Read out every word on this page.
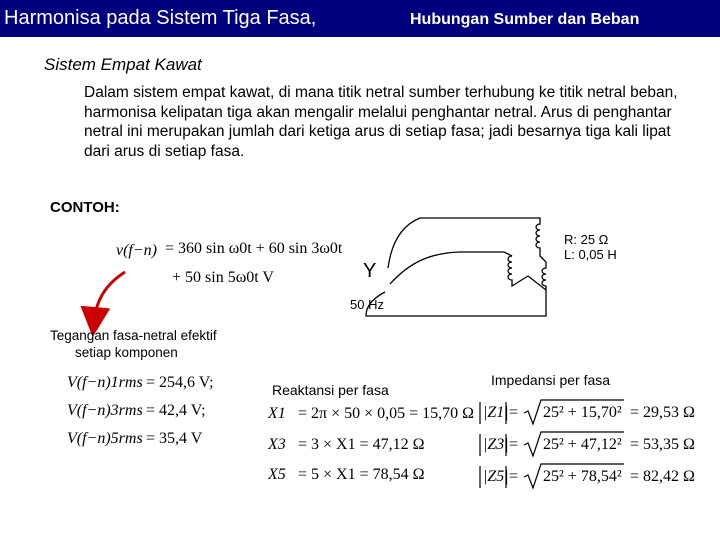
Harmonisa pada Sistem Tiga Fasa,	Hubungan Sumber dan Beban
Sistem Empat Kawat
Dalam sistem empat kawat, di mana titik netral sumber terhubung ke titik netral beban, harmonisa kelipatan tiga akan mengalir melalui penghantar netral. Arus di penghantar netral ini merupakan jumlah dari ketiga arus di setiap fasa; jadi besarnya tiga kali lipat dari arus di setiap fasa.
CONTOH:
Y
50 Hz
R: 25 Ω
L: 0,05 H
v(f−n) = 360 sin ω0t + 60 sin 3ω0t
+ 50 sin 5ω0t V
Tegangan fasa-netral efektif
setiap komponen
V(f−n)1rms = 254,6 V;
V(f−n)3rms = 42,4 V;
V(f−n)5rms = 35,4 V
Reaktansi per fasa
X1 = 2π × 50 × 0,05 = 15,70 Ω
X3 = 3 × X1 = 47,12 Ω
X5 = 5 × X1 = 78,54 Ω
Impedansi per fasa
|Z1| = 25² + 15,70² = 29,53 Ω
|Z3| = 25² + 47,12² = 53,35 Ω
|Z5| = 25² + 78,54² = 82,42 Ω
